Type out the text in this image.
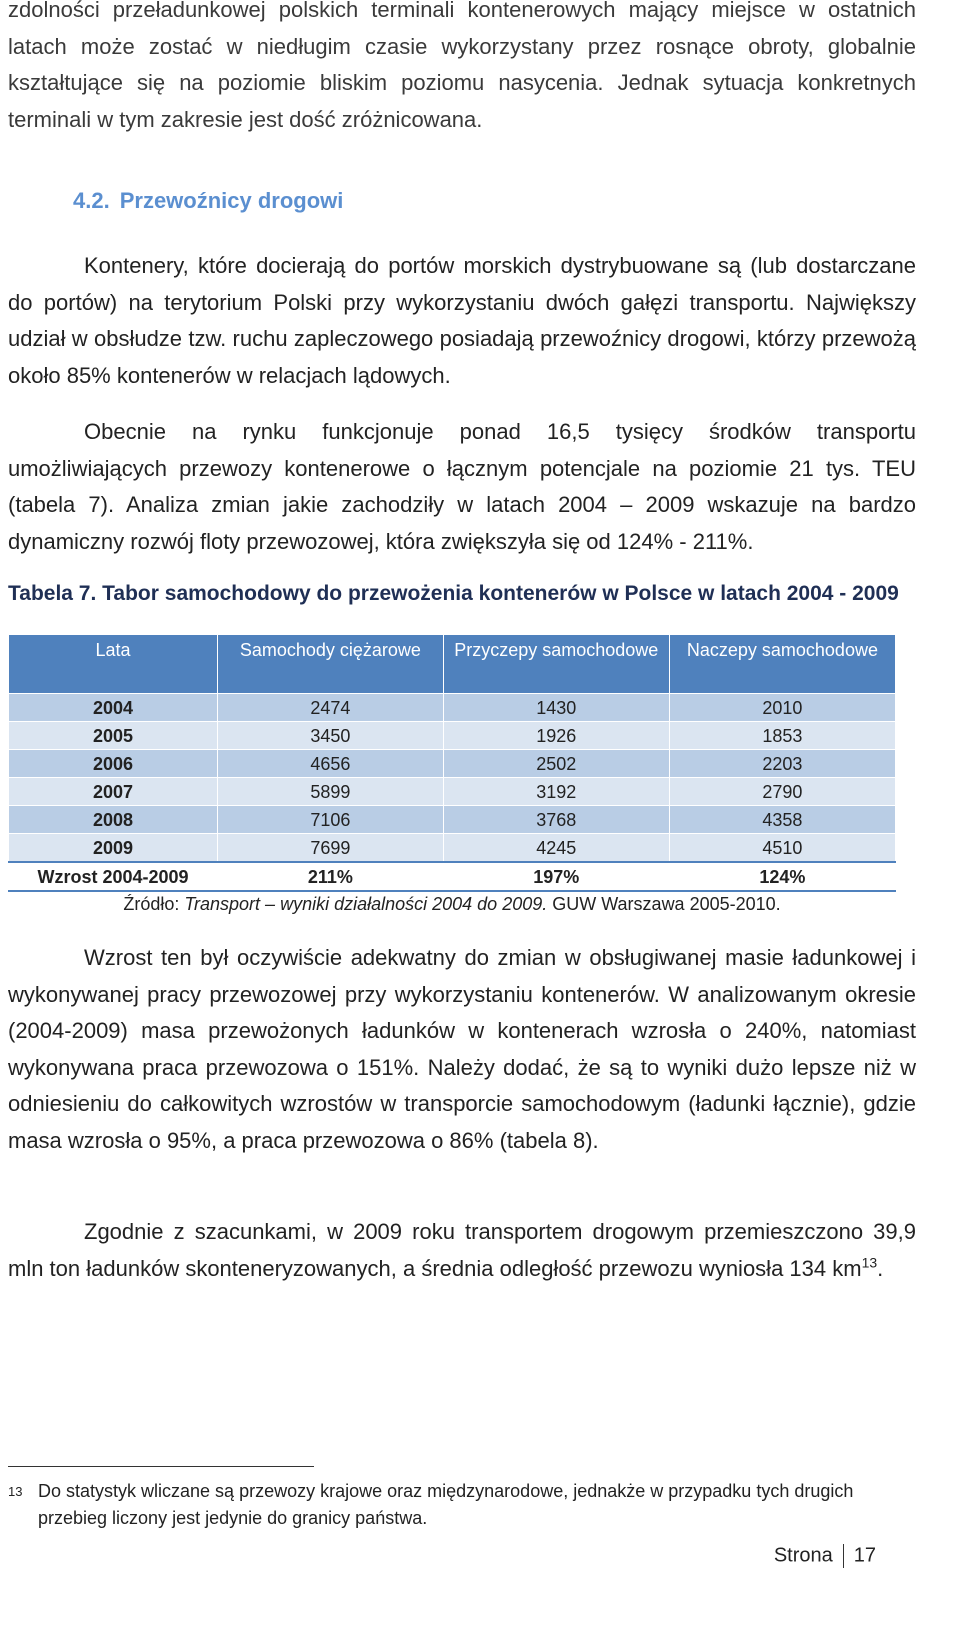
zdolności przeładunkowej polskich terminali kontenerowych mający miejsce w ostatnich latach może zostać w niedługim czasie wykorzystany przez rosnące obroty, globalnie kształtujące się na poziomie bliskim poziomu nasycenia. Jednak sytuacja konkretnych terminali w tym zakresie jest dość zróżnicowana.

4.2. Przewoźnicy drogowi

Kontenery, które docierają do portów morskich dystrybuowane są (lub dostarczane do portów) na terytorium Polski przy wykorzystaniu dwóch gałęzi transportu. Największy udział w obsłudze tzw. ruchu zapleczowego posiadają przewoźnicy drogowi, którzy przewożą około 85% kontenerów w relacjach lądowych.

Obecnie na rynku funkcjonuje ponad 16,5 tysięcy środków transportu umożliwiających przewozy kontenerowe o łącznym potencjale na poziomie 21 tys. TEU (tabela 7). Analiza zmian jakie zachodziły w latach 2004 – 2009 wskazuje na bardzo dynamiczny rozwój floty przewozowej, która zwiększyła się od 124% - 211%.

Tabela 7. Tabor samochodowy do przewożenia kontenerów w Polsce w latach 2004 - 2009
Lata	Samochody ciężarowe	Przyczepy samochodowe	Naczepy samochodowe
2004	2474	1430	2010
2005	3450	1926	1853
2006	4656	2502	2203
2007	5899	3192	2790
2008	7106	3768	4358
2009	7699	4245	4510
Wzrost 2004-2009	211%	197%	124%
Źródło: Transport – wyniki działalności 2004 do 2009. GUW Warszawa 2005-2010.

Wzrost ten był oczywiście adekwatny do zmian w obsługiwanej masie ładunkowej i wykonywanej pracy przewozowej przy wykorzystaniu kontenerów. W analizowanym okresie (2004-2009) masa przewożonych ładunków w kontenerach wzrosła o 240%, natomiast wykonywana praca przewozowa o 151%. Należy dodać, że są to wyniki dużo lepsze niż w odniesieniu do całkowitych wzrostów w transporcie samochodowym (ładunki łącznie), gdzie masa wzrosła o 95%, a praca przewozowa o 86% (tabela 8).

Zgodnie z szacunkami, w 2009 roku transportem drogowym przemieszczono 39,9 mln ton ładunków skonteneryzowanych, a średnia odległość przewozu wyniosła 134 $km^{13}$.

13 Do statystyk wliczane są przewozy krajowe oraz międzynarodowe, jednakże w przypadku tych drugich przebieg liczony jest jedynie do granicy państwa.
Strona 17
